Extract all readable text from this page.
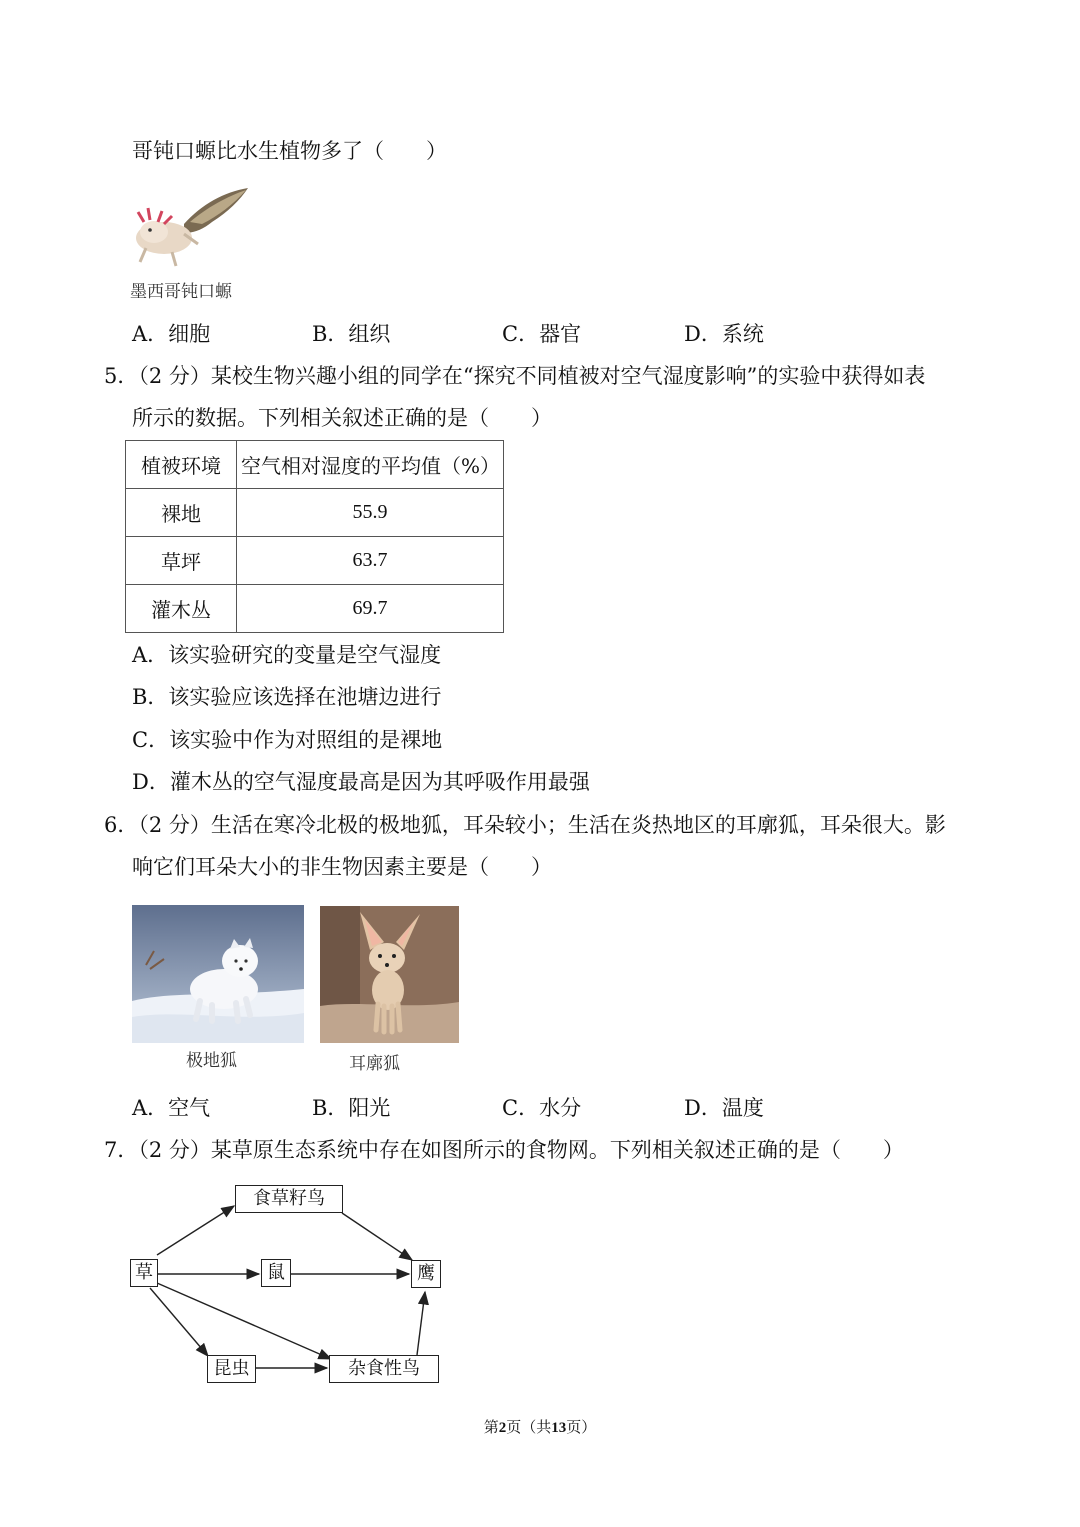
哥钝口螈比水生植物多了（　　）
墨西哥钝口螈
A．细胞	B．组织	C．器官	D．系统
5．（2 分）某校生物兴趣小组的同学在“探究不同植被对空气湿度影响”的实验中获得如表
所示的数据。下列相关叙述正确的是（　　）
植被环境	空气相对湿度的平均值（%）
裸地	55.9
草坪	63.7
灌木丛	69.7
A．该实验研究的变量是空气湿度
B．该实验应该选择在池塘边进行
C．该实验中作为对照组的是裸地
D．灌木丛的空气湿度最高是因为其呼吸作用最强
6．（2 分）生活在寒冷北极的极地狐，耳朵较小；生活在炎热地区的耳廓狐，耳朵很大。影
响它们耳朵大小的非生物因素主要是（　　）
极地狐	耳廓狐
A．空气	B．阳光	C．水分	D．温度
7．（2 分）某草原生态系统中存在如图所示的食物网。下列相关叙述正确的是（　　）
草
食草籽鸟
鼠	鹰
昆虫	杂食性鸟
第2页（共13页）
